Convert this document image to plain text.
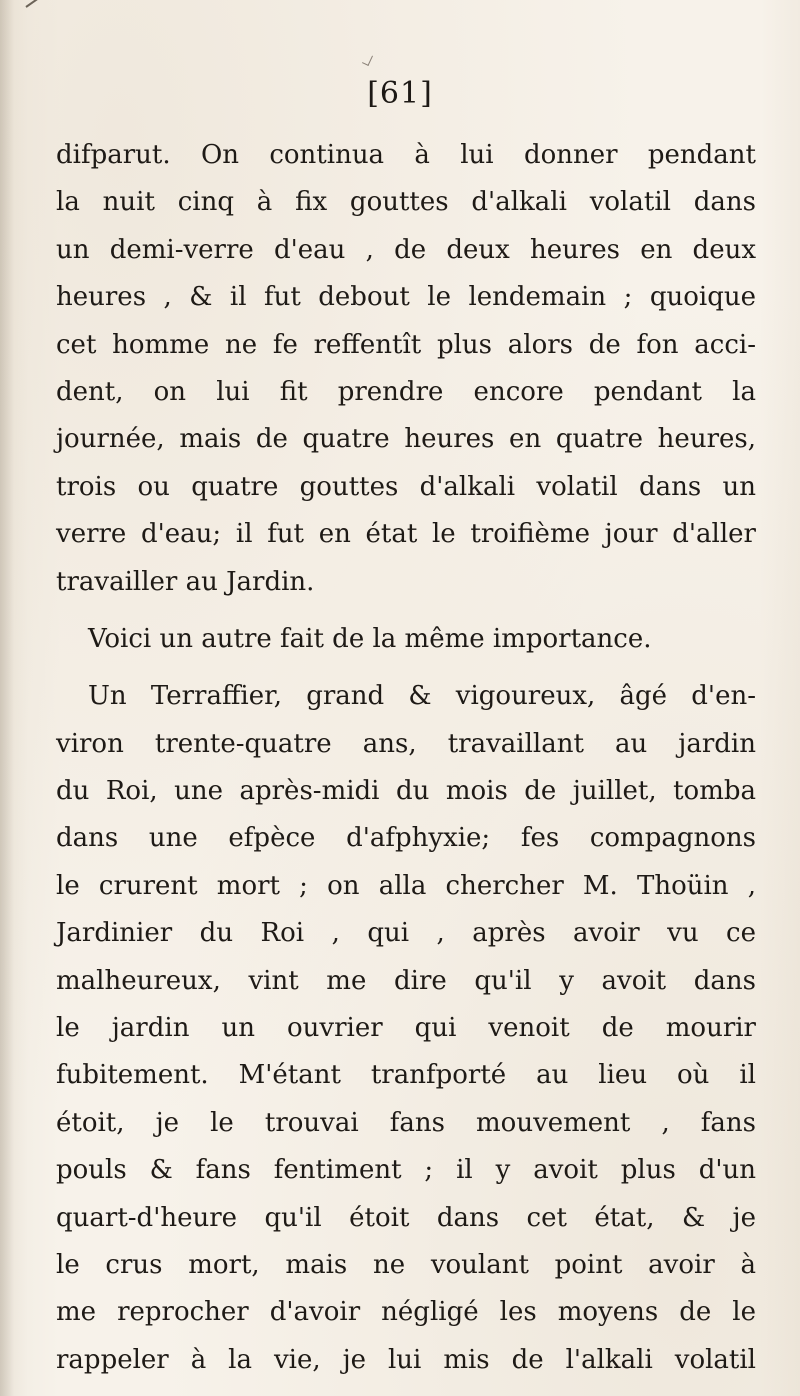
[61]
difparut. On continua à lui donner pendant
la nuit cinq à fix gouttes d'alkali volatil dans
un demi-verre d'eau , de deux heures en deux
heures , & il fut debout le lendemain ; quoique
cet homme ne fe reffentît plus alors de fon acci-
dent, on lui fit prendre encore pendant la
journée, mais de quatre heures en quatre heures,
trois ou quatre gouttes d'alkali volatil dans un
verre d'eau; il fut en état le troifième jour d'aller
travailler au Jardin.
Voici un autre fait de la même importance.
Un Terraffier, grand & vigoureux, âgé d'en-
viron trente-quatre ans, travaillant au jardin
du Roi, une après-midi du mois de juillet, tomba
dans une efpèce d'afphyxie; fes compagnons
le crurent mort ; on alla chercher M. Thoüin ,
Jardinier du Roi , qui , après avoir vu ce
malheureux, vint me dire qu'il y avoit dans
le jardin un ouvrier qui venoit de mourir
fubitement. M'étant tranfporté au lieu où il
étoit, je le trouvai fans mouvement , fans
pouls & fans fentiment ; il y avoit plus d'un
quart-d'heure qu'il étoit dans cet état, & je
le crus mort, mais ne voulant point avoir à
me reprocher d'avoir négligé les moyens de le
rappeler à la vie, je lui mis de l'alkali volatil
